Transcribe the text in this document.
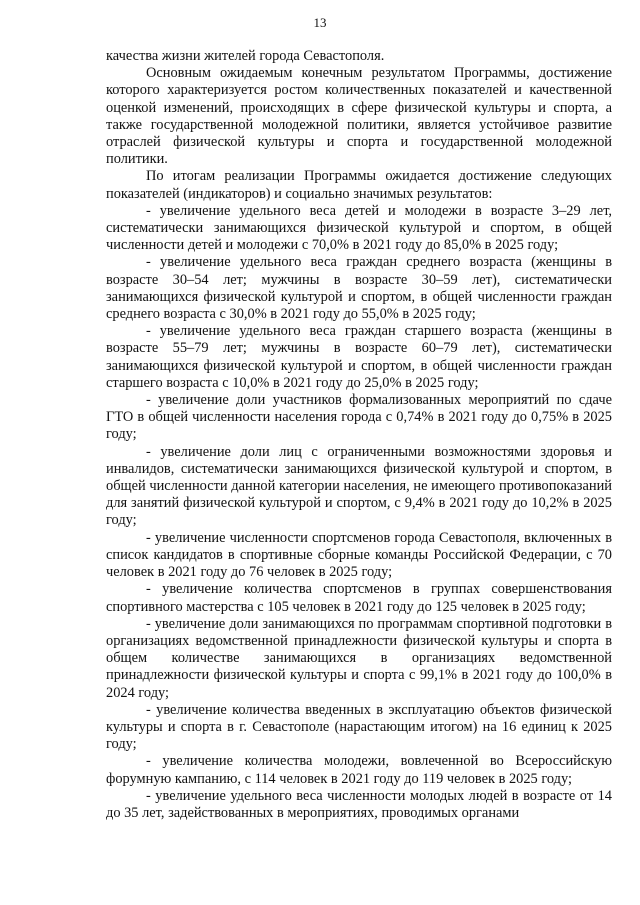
13

качества жизни жителей города Севастополя.

Основным ожидаемым конечным результатом Программы, достижение которого характеризуется ростом количественных показателей и качественной оценкой изменений, происходящих в сфере физической культуры и спорта, а также государственной молодежной политики, является устойчивое развитие отраслей физической культуры и спорта и государственной молодежной политики.

По итогам реализации Программы ожидается достижение следующих показателей (индикаторов) и социально значимых результатов:

- увеличение удельного веса детей и молодежи в возрасте 3–29 лет, систематически занимающихся физической культурой и спортом, в общей численности детей и молодежи с 70,0% в 2021 году до 85,0% в 2025 году;

- увеличение удельного веса граждан среднего возраста (женщины в возрасте 30–54 лет; мужчины в возрасте 30–59 лет), систематически занимающихся физической культурой и спортом, в общей численности граждан среднего возраста с 30,0% в 2021 году до 55,0% в 2025 году;

- увеличение удельного веса граждан старшего возраста (женщины в возрасте 55–79 лет; мужчины в возрасте 60–79 лет), систематически занимающихся физической культурой и спортом, в общей численности граждан старшего возраста с 10,0% в 2021 году до 25,0% в 2025 году;

- увеличение доли участников формализованных мероприятий по сдаче ГТО в общей численности населения города с 0,74% в 2021 году до 0,75% в 2025 году;

- увеличение доли лиц с ограниченными возможностями здоровья и инвалидов, систематически занимающихся физической культурой и спортом, в общей численности данной категории населения, не имеющего противопоказаний для занятий физической культурой и спортом, с 9,4% в 2021 году до 10,2% в 2025 году;

- увеличение численности спортсменов города Севастополя, включенных в список кандидатов в спортивные сборные команды Российской Федерации, с 70 человек в 2021 году до 76 человек в 2025 году;

- увеличение количества спортсменов в группах совершенствования спортивного мастерства с 105 человек в 2021 году до 125 человек в 2025 году;

- увеличение доли занимающихся по программам спортивной подготовки в организациях ведомственной принадлежности физической культуры и спорта в общем количестве занимающихся в организациях ведомственной принадлежности физической культуры и спорта с 99,1% в 2021 году до 100,0% в 2024 году;

- увеличение количества введенных в эксплуатацию объектов физической культуры и спорта в г. Севастополе (нарастающим итогом) на 16 единиц к 2025 году;

- увеличение количества молодежи, вовлеченной во Всероссийскую форумную кампанию, с 114 человек в 2021 году до 119 человек в 2025 году;

- увеличение удельного веса численности молодых людей в возрасте от 14 до 35 лет, задействованных в мероприятиях, проводимых органами
